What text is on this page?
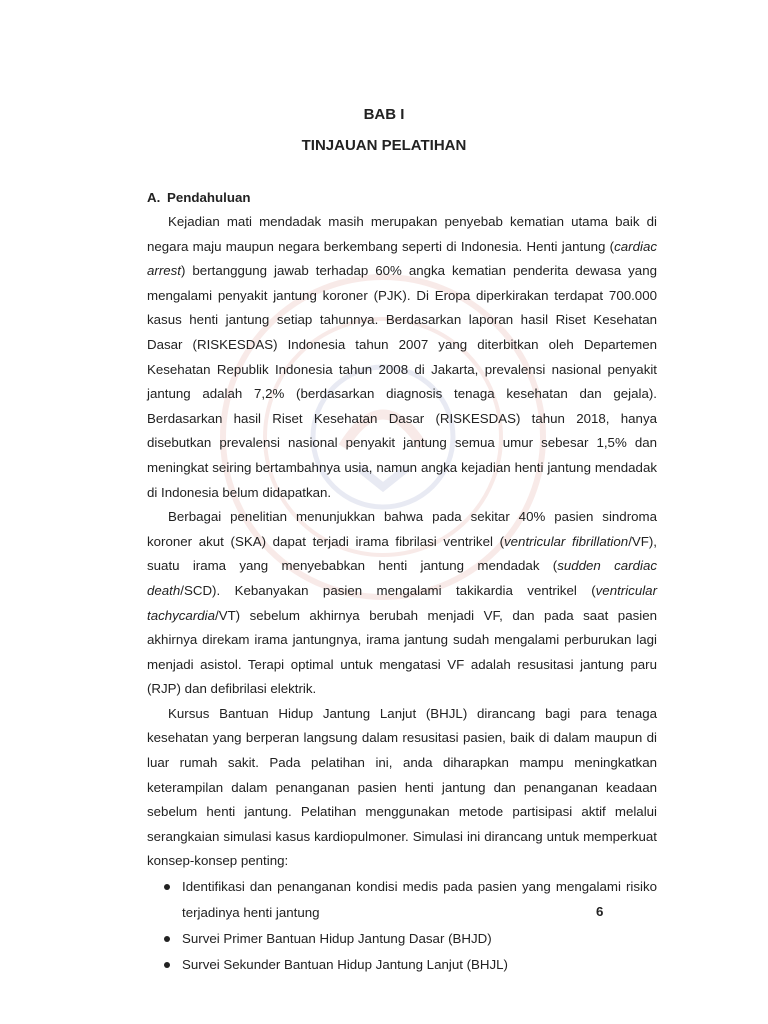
BAB I
TINJAUAN PELATIHAN
A. Pendahuluan

Kejadian mati mendadak masih merupakan penyebab kematian utama baik di negara maju maupun negara berkembang seperti di Indonesia. Henti jantung (cardiac arrest) bertanggung jawab terhadap 60% angka kematian penderita dewasa yang mengalami penyakit jantung koroner (PJK). Di Eropa diperkirakan terdapat 700.000 kasus henti jantung setiap tahunnya. Berdasarkan laporan hasil Riset Kesehatan Dasar (RISKESDAS) Indonesia tahun 2007 yang diterbitkan oleh Departemen Kesehatan Republik Indonesia tahun 2008 di Jakarta, prevalensi nasional penyakit jantung adalah 7,2% (berdasarkan diagnosis tenaga kesehatan dan gejala). Berdasarkan hasil Riset Kesehatan Dasar (RISKESDAS) tahun 2018, hanya disebutkan prevalensi nasional penyakit jantung semua umur sebesar 1,5% dan meningkat seiring bertambahnya usia, namun angka kejadian henti jantung mendadak di Indonesia belum didapatkan.

Berbagai penelitian menunjukkan bahwa pada sekitar 40% pasien sindroma koroner akut (SKA) dapat terjadi irama fibrilasi ventrikel (ventricular fibrillation/VF), suatu irama yang menyebabkan henti jantung mendadak (sudden cardiac death/SCD). Kebanyakan pasien mengalami takikardia ventrikel (ventricular tachycardia/VT) sebelum akhirnya berubah menjadi VF, dan pada saat pasien akhirnya direkam irama jantungnya, irama jantung sudah mengalami perburukan lagi menjadi asistol. Terapi optimal untuk mengatasi VF adalah resusitasi jantung paru (RJP) dan defibrilasi elektrik.

Kursus Bantuan Hidup Jantung Lanjut (BHJL) dirancang bagi para tenaga kesehatan yang berperan langsung dalam resusitasi pasien, baik di dalam maupun di luar rumah sakit. Pada pelatihan ini, anda diharapkan mampu meningkatkan keterampilan dalam penanganan pasien henti jantung dan penanganan keadaan sebelum henti jantung. Pelatihan menggunakan metode partisipasi aktif melalui serangkaian simulasi kasus kardiopulmoner. Simulasi ini dirancang untuk memperkuat konsep-konsep penting:

Identifikasi dan penanganan kondisi medis pada pasien yang mengalami risiko terjadinya henti jantung
Survei Primer Bantuan Hidup Jantung Dasar (BHJD)
Survei Sekunder Bantuan Hidup Jantung Lanjut (BHJL)
6
